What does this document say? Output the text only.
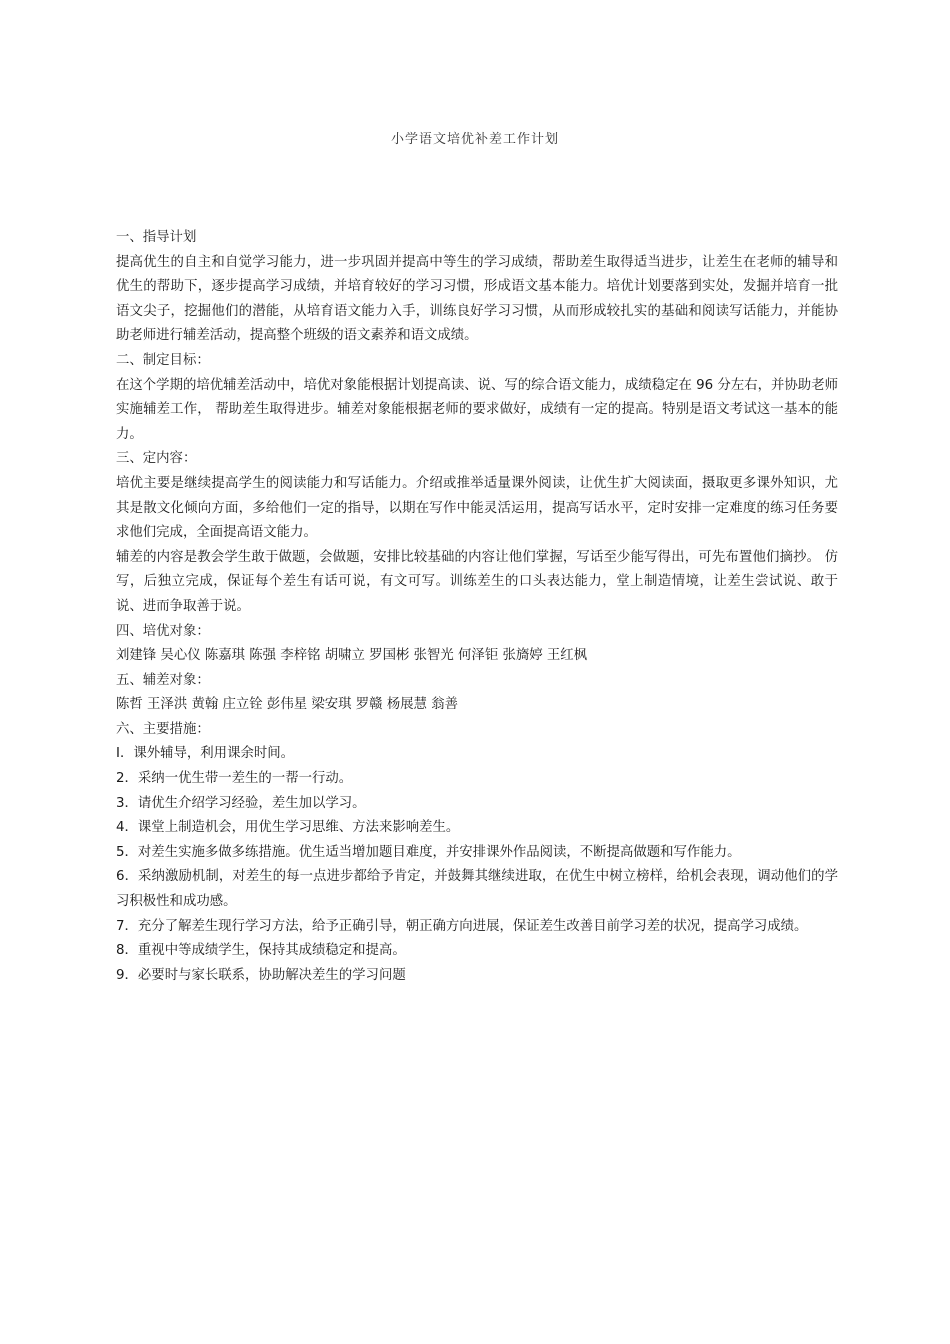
小学语文培优补差工作计划

一、指导计划

提高优生的自主和自觉学习能力，进一步巩固并提高中等生的学习成绩，帮助差生取得适当进步，让差生在老师的辅导和优生的帮助下，逐步提高学习成绩，并培育较好的学习习惯，形成语文基本能力。培优计划要落到实处，发掘并培育一批语文尖子，挖掘他们的潜能，从培育语文能力入手，训练良好学习习惯，从而形成较扎实的基础和阅读写话能力，并能协助老师进行辅差活动，提高整个班级的语文素养和语文成绩。

二、制定目标：

在这个学期的培优辅差活动中，培优对象能根据计划提高读、说、写的综合语文能力，成绩稳定在 96 分左右，并协助老师实施辅差工作， 帮助差生取得进步。辅差对象能根据老师的要求做好，成绩有一定的提高。特别是语文考试这一基本的能力。

三、定内容：

培优主要是继续提高学生的阅读能力和写话能力。介绍或推举适量课外阅读，让优生扩大阅读面，摄取更多课外知识，尤其是散文化倾向方面，多给他们一定的指导，以期在写作中能灵活运用，提高写话水平，定时安排一定难度的练习任务要求他们完成，全面提高语文能力。

辅差的内容是教会学生敢于做题，会做题，安排比较基础的内容让他们掌握，写话至少能写得出，可先布置他们摘抄。 仿写，后独立完成，保证每个差生有话可说，有文可写。训练差生的口头表达能力，堂上制造情境，让差生尝试说、敢于说、进而争取善于说。

四、培优对象：

刘建锋 吴心仪 陈嘉琪 陈强 李梓铭 胡啸立 罗国彬 张智光 何泽钜 张旖婷 王红枫

五、辅差对象：

陈哲 王泽洪 黄翰 庄立铨 彭伟星 梁安琪 罗赣 杨展慧 翁善

六、主要措施：

I．课外辅导，利用课余时间。

2．采纳一优生带一差生的一帮一行动。

3．请优生介绍学习经验，差生加以学习。

4．课堂上制造机会，用优生学习思维、方法来影响差生。

5．对差生实施多做多练措施。优生适当增加题目难度，并安排课外作品阅读，不断提高做题和写作能力。

6．采纳激励机制，对差生的每一点进步都给予肯定，并鼓舞其继续进取，在优生中树立榜样，给机会表现，调动他们的学习积极性和成功感。

7．充分了解差生现行学习方法，给予正确引导，朝正确方向进展，保证差生改善目前学习差的状况，提高学习成绩。

8．重视中等成绩学生，保持其成绩稳定和提高。

9．必要时与家长联系，协助解决差生的学习问题
